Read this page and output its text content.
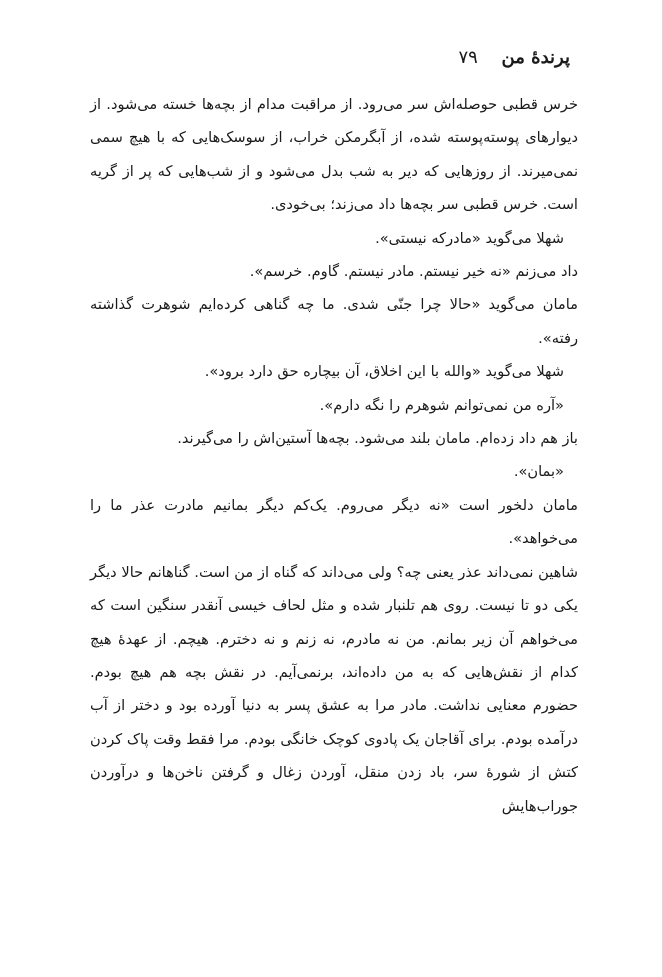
پرندهٔ من ۷۹

خرس قطبی حوصله‌اش سر می‌رود. از مراقبت مدام از بچه‌ها خسته می‌شود. از دیوارهای پوسته‌پوسته شده، از آبگرمکن خراب، از سوسک‌هایی که با هیچ سمی نمی‌میرند. از روزهایی که دیر به شب بدل می‌شود و از شب‌هایی که پر از گریه است. خرس قطبی سر بچه‌ها داد می‌زند؛ بی‌خودی.

شهلا می‌گوید «مادرکه نیستی».

داد می‌زنم «نه خیر نیستم. مادر نیستم. گاوم. خرسم».

مامان می‌گوید «حالا چرا جنّی شدی. ما چه گناهی کرده‌ایم شوهرت گذاشته رفته».

شهلا می‌گوید «والله با این اخلاق، آن بیچاره حق دارد برود».

«آره من نمی‌توانم شوهرم را نگه دارم».

باز هم داد زده‌ام. مامان بلند می‌شود. بچه‌ها آستین‌اش را می‌گیرند.

«بمان».

مامان دلخور است «نه دیگر می‌روم. یک‌کم دیگر بمانیم مادرت عذر ما را می‌خواهد».

شاهین نمی‌داند عذر یعنی چه؟ ولی می‌داند که گناه از من است. گناهانم حالا دیگر یکی دو تا نیست. روی هم تلنبار شده و مثل لحاف خیسی آنقدر سنگین است که می‌خواهم آن زیر بمانم. من نه مادرم، نه زنم و نه دخترم. هیچم. از عهدهٔ هیچ کدام از نقش‌هایی که به من داده‌اند، برنمی‌آیم. در نقش بچه هم هیچ بودم. حضورم معنایی نداشت. مادر مرا به عشق پسر به دنیا آورده بود و دختر از آب درآمده بودم. برای آقاجان یک پادوی کوچک خانگی بودم. مرا فقط وقت پاک کردن کتش از شورهٔ سر، باد زدن منقل، آوردن زغال و گرفتن ناخن‌ها و درآوردن جوراب‌هایش
